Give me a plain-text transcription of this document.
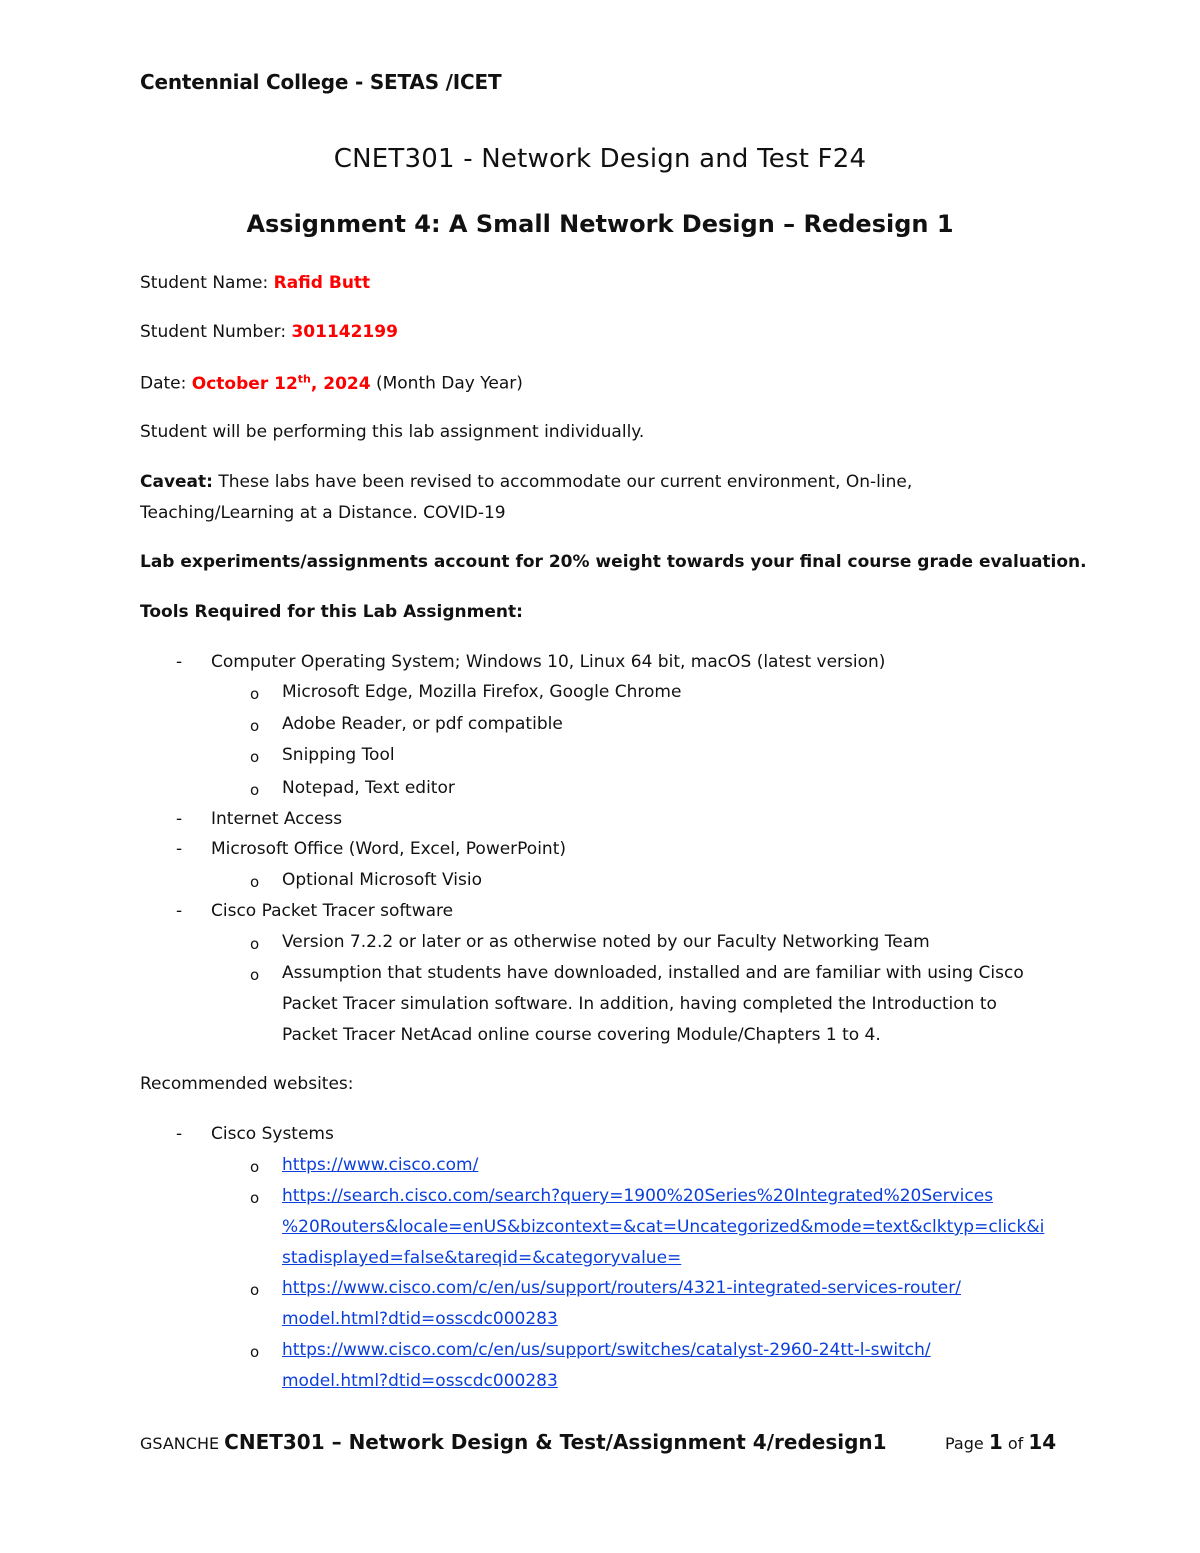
Centennial College - SETAS /ICET
CNET301 - Network Design and Test F24
Assignment 4: A Small Network Design – Redesign 1
Student Name: Rafid Butt
Student Number: 301142199
Date: October 12th, 2024 (Month Day Year)
Student will be performing this lab assignment individually.
Caveat: These labs have been revised to accommodate our current environment, On-line,
Teaching/Learning at a Distance. COVID-19
Lab experiments/assignments account for 20% weight towards your final course grade evaluation.
Tools Required for this Lab Assignment:
- Computer Operating System; Windows 10, Linux 64 bit, macOS (latest version)
o Microsoft Edge, Mozilla Firefox, Google Chrome
o Adobe Reader, or pdf compatible
o Snipping Tool
o Notepad, Text editor
- Internet Access
- Microsoft Office (Word, Excel, PowerPoint)
o Optional Microsoft Visio
- Cisco Packet Tracer software
o Version 7.2.2 or later or as otherwise noted by our Faculty Networking Team
o Assumption that students have downloaded, installed and are familiar with using Cisco
Packet Tracer simulation software. In addition, having completed the Introduction to
Packet Tracer NetAcad online course covering Module/Chapters 1 to 4.
Recommended websites:
- Cisco Systems
o https://www.cisco.com/
o https://search.cisco.com/search?query=1900%20Series%20Integrated%20Services
%20Routers&locale=enUS&bizcontext=&cat=Uncategorized&mode=text&clktyp=click&i
stadisplayed=false&tareqid=&categoryvalue=
o https://www.cisco.com/c/en/us/support/routers/4321-integrated-services-router/
model.html?dtid=osscdc000283
o https://www.cisco.com/c/en/us/support/switches/catalyst-2960-24tt-l-switch/
model.html?dtid=osscdc000283
GSANCHE CNET301 – Network Design & Test/Assignment 4/redesign1	Page 1 of 14
